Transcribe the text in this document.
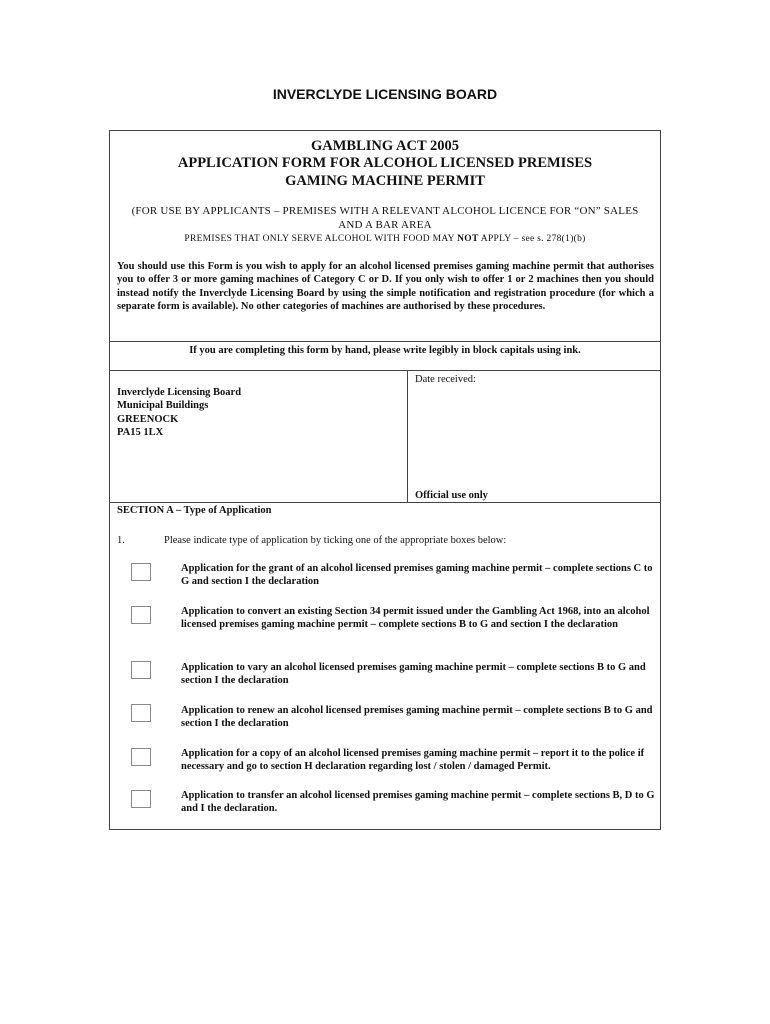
INVERCLYDE LICENSING BOARD
GAMBLING ACT 2005
APPLICATION FORM FOR ALCOHOL LICENSED PREMISES
GAMING MACHINE PERMIT
(FOR USE BY APPLICANTS – PREMISES WITH A RELEVANT ALCOHOL LICENCE FOR “ON” SALES
AND A BAR AREA
PREMISES THAT ONLY SERVE ALCOHOL WITH FOOD MAY NOT APPLY – see s. 278(1)(b)
You should use this Form is you wish to apply for an alcohol licensed premises gaming machine permit that authorises you to offer 3 or more gaming machines of Category C or D. If you only wish to offer 1 or 2 machines then you should instead notify the Inverclyde Licensing Board by using the simple notification and registration procedure (for which a separate form is available). No other categories of machines are authorised by these procedures.
If you are completing this form by hand, please write legibly in block capitals using ink.
Inverclyde Licensing Board
Municipal Buildings
GREENOCK
PA15 1LX
Date received:
Official use only
SECTION A – Type of Application
1.	Please indicate type of application by ticking one of the appropriate boxes below:
Application for the grant of an alcohol licensed premises gaming machine permit – complete sections C to G and section I the declaration
Application to convert an existing Section 34 permit issued under the Gambling Act 1968, into an alcohol licensed premises gaming machine permit – complete sections B to G and section I the declaration
Application to vary an alcohol licensed premises gaming machine permit – complete sections B to G and section I the declaration
Application to renew an alcohol licensed premises gaming machine permit – complete sections B to G and section I the declaration
Application for a copy of an alcohol licensed premises gaming machine permit – report it to the police if necessary and go to section H declaration regarding lost / stolen / damaged Permit.
Application to transfer an alcohol licensed premises gaming machine permit – complete sections B, D to G and I the declaration.
